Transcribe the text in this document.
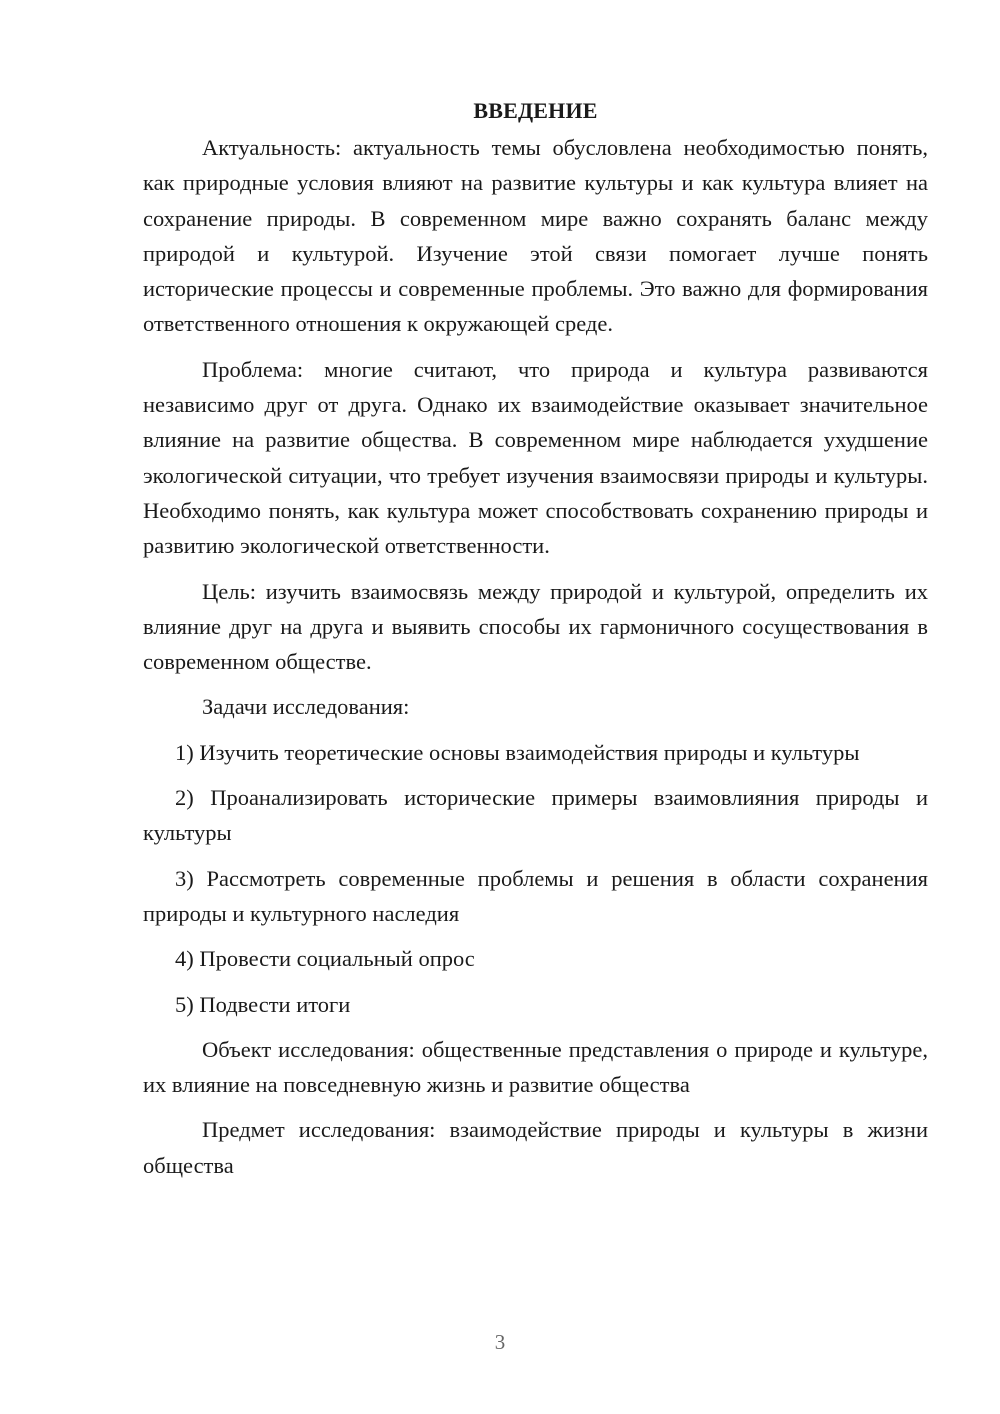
ВВЕДЕНИЕ

Актуальность: актуальность темы обусловлена необходимостью понять, как природные условия влияют на развитие культуры и как культура влияет на сохранение природы. В современном мире важно сохранять баланс между природой и культурой. Изучение этой связи помогает лучше понять исторические процессы и современные проблемы. Это важно для формирования ответственного отношения к окружающей среде.

Проблема: многие считают, что природа и культура развиваются независимо друг от друга. Однако их взаимодействие оказывает значительное влияние на развитие общества. В современном мире наблюдается ухудшение экологической ситуации, что требует изучения взаимосвязи природы и культуры. Необходимо понять, как культура может способствовать сохранению природы и развитию экологической ответственности.

Цель: изучить взаимосвязь между природой и культурой, определить их влияние друг на друга и выявить способы их гармоничного сосуществования в современном обществе.

Задачи исследования:

1) Изучить теоретические основы взаимодействия природы и культуры

2) Проанализировать исторические примеры взаимовлияния природы и культуры

3) Рассмотреть современные проблемы и решения в области сохранения природы и культурного наследия

4) Провести социальный опрос

5) Подвести итоги

Объект исследования: общественные представления о природе и культуре, их влияние на повседневную жизнь и развитие общества

Предмет исследования: взаимодействие природы и культуры в жизни общества

3
